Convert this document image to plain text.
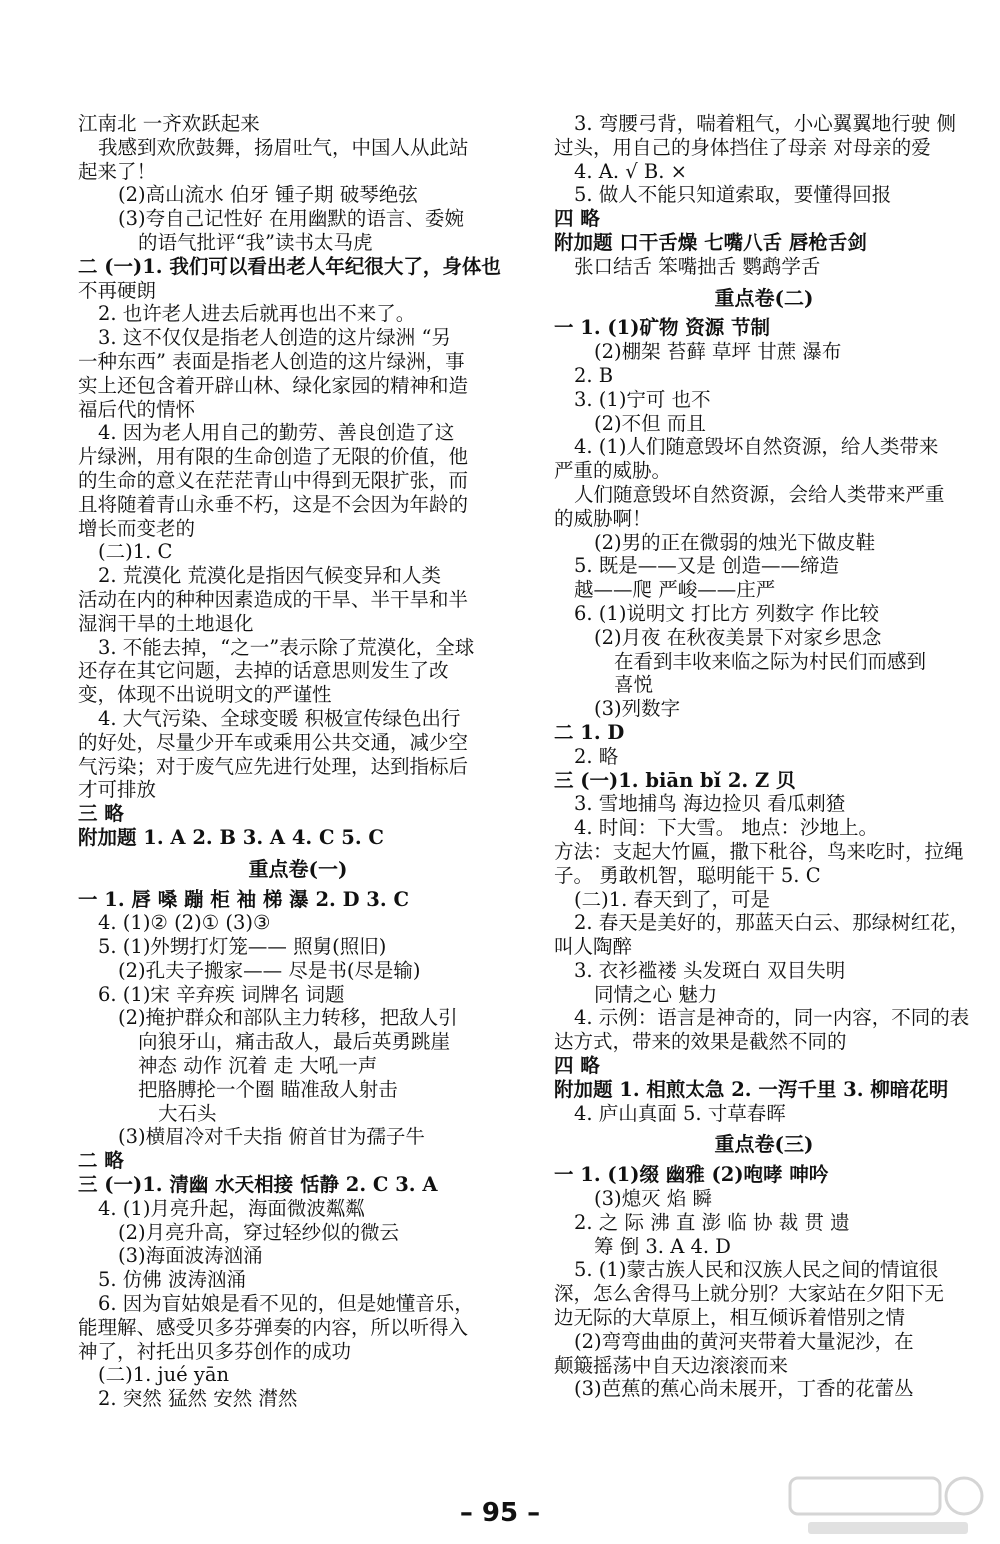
江南北 一齐欢跃起来
我感到欢欣鼓舞，扬眉吐气，中国人从此站
起来了！
(2)高山流水 伯牙 锺子期 破琴绝弦
(3)夸自己记性好 在用幽默的语言、委婉
的语气批评“我”读书太马虎
二 (一)1. 我们可以看出老人年纪很大了，身体也
不再硬朗
2. 也许老人进去后就再也出不来了。
3. 这不仅仅是指老人创造的这片绿洲 “另
一种东西” 表面是指老人创造的这片绿洲，事
实上还包含着开辟山林、绿化家园的精神和造
福后代的情怀
4. 因为老人用自己的勤劳、善良创造了这
片绿洲，用有限的生命创造了无限的价值，他
的生命的意义在茫茫青山中得到无限扩张，而
且将随着青山永垂不朽，这是不会因为年龄的
增长而变老的
(二)1. C
2. 荒漠化 荒漠化是指因气候变异和人类
活动在内的种种因素造成的干旱、半干旱和半
湿润干旱的土地退化
3. 不能去掉，“之一”表示除了荒漠化，全球
还存在其它问题，去掉的话意思则发生了改
变，体现不出说明文的严谨性
4. 大气污染、全球变暖 积极宣传绿色出行
的好处，尽量少开车或乘用公共交通，减少空
气污染；对于废气应先进行处理，达到指标后
才可排放
三 略
附加题 1. A 2. B 3. A 4. C 5. C
重点卷(一)
一 1. 唇 嗓 蹦 柜 袖 梯 瀑 2. D 3. C
4. (1)② (2)① (3)③
5. (1)外甥打灯笼—— 照舅(照旧)
(2)孔夫子搬家—— 尽是书(尽是输)
6. (1)宋 辛弃疾 词牌名 词题
(2)掩护群众和部队主力转移，把敌人引
向狼牙山，痛击敌人，最后英勇跳崖
神态 动作 沉着 走 大吼一声
把胳膊抡一个圈 瞄准敌人射击
大石头
(3)横眉冷对千夫指 俯首甘为孺子牛
二 略
三 (一)1. 清幽 水天相接 恬静 2. C 3. A
4. (1)月亮升起，海面微波粼粼
(2)月亮升高，穿过轻纱似的微云
(3)海面波涛汹涌
5. 仿佛 波涛汹涌
6. 因为盲姑娘是看不见的，但是她懂音乐，
能理解、感受贝多芬弹奏的内容，所以听得入
神了，衬托出贝多芬创作的成功
(二)1. jué yān
2. 突然 猛然 安然 潸然
3. 弯腰弓背，喘着粗气，小心翼翼地行驶 侧
过头，用自己的身体挡住了母亲 对母亲的爱
4. A. √ B. ×
5. 做人不能只知道索取，要懂得回报
四 略
附加题 口干舌燥 七嘴八舌 唇枪舌剑
张口结舌 笨嘴拙舌 鹦鹉学舌
重点卷(二)
一 1. (1)矿物 资源 节制
(2)棚架 苔藓 草坪 甘蔗 瀑布
2. B
3. (1)宁可 也不
(2)不但 而且
4. (1)人们随意毁坏自然资源，给人类带来
严重的威胁。
人们随意毁坏自然资源，会给人类带来严重
的威胁啊！
(2)男的正在微弱的烛光下做皮鞋
5. 既是——又是 创造——缔造
越——爬 严峻——庄严
6. (1)说明文 打比方 列数字 作比较
(2)月夜 在秋夜美景下对家乡思念
在看到丰收来临之际为村民们而感到
喜悦
(3)列数字
二 1. D
2. 略
三 (一)1. biān bǐ 2. Z 贝
3. 雪地捕鸟 海边捡贝 看瓜刺猹
4. 时间：下大雪。 地点：沙地上。
方法：支起大竹匾，撒下秕谷，鸟来吃时，拉绳
子。 勇敢机智，聪明能干 5. C
(二)1. 春天到了，可是
2. 春天是美好的，那蓝天白云、那绿树红花，
叫人陶醉
3. 衣衫褴褛 头发斑白 双目失明
同情之心 魅力
4. 示例：语言是神奇的，同一内容，不同的表
达方式，带来的效果是截然不同的
四 略
附加题 1. 相煎太急 2. 一泻千里 3. 柳暗花明
4. 庐山真面 5. 寸草春晖
重点卷(三)
一 1. (1)缀 幽雅 (2)咆哮 呻吟
(3)熄灭 焰 瞬
2. 之 际 沸 直 澎 临 协 裁 贯 遗
筹 倒 3. A 4. D
5. (1)蒙古族人民和汉族人民之间的情谊很
深，怎么舍得马上就分别？大家站在夕阳下无
边无际的大草原上，相互倾诉着惜别之情
(2)弯弯曲曲的黄河夹带着大量泥沙，在
颠簸摇荡中自天边滚滚而来
(3)芭蕉的蕉心尚未展开，丁香的花蕾丛
– 95 –
